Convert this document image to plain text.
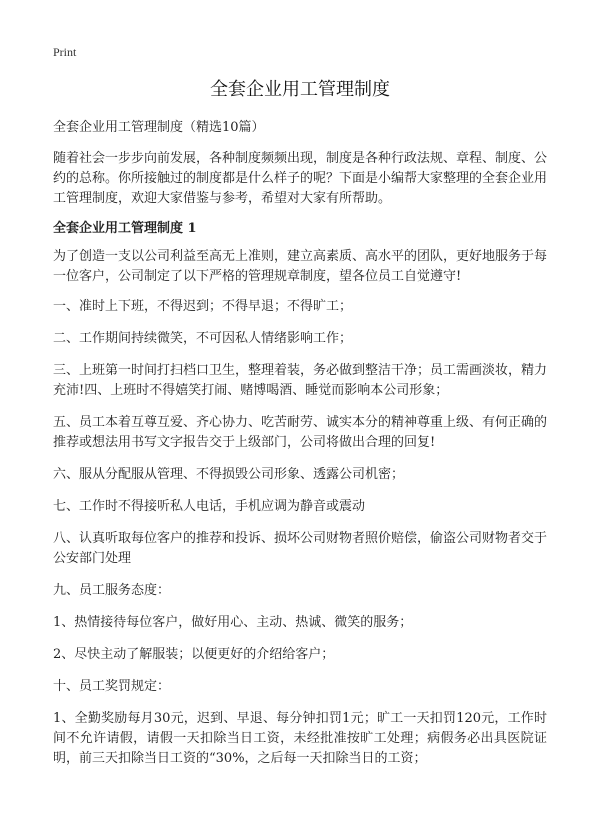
Print
全套企业用工管理制度
全套企业用工管理制度（精选10篇）

随着社会一步步向前发展，各种制度频频出现，制度是各种行政法规、章程、制度、公约的总称。你所接触过的制度都是什么样子的呢？下面是小编帮大家整理的全套企业用工管理制度，欢迎大家借鉴与参考，希望对大家有所帮助。

全套企业用工管理制度 1

为了创造一支以公司利益至高无上准则，建立高素质、高水平的团队，更好地服务于每一位客户，公司制定了以下严格的管理规章制度，望各位员工自觉遵守!

一、准时上下班，不得迟到；不得早退；不得旷工；

二、工作期间持续微笑，不可因私人情绪影响工作；

三、上班第一时间打扫档口卫生，整理着装，务必做到整洁干净；员工需画淡妆，精力充沛!四、上班时不得嬉笑打闹、赌博喝酒、睡觉而影响本公司形象；

五、员工本着互尊互爱、齐心协力、吃苦耐劳、诚实本分的精神尊重上级、有何正确的推荐或想法用书写文字报告交于上级部门，公司将做出合理的回复!

六、服从分配服从管理、不得损毁公司形象、透露公司机密；

七、工作时不得接听私人电话，手机应调为静音或震动

八、认真听取每位客户的推荐和投诉、损坏公司财物者照价赔偿，偷盗公司财物者交于公安部门处理

九、员工服务态度：

1、热情接待每位客户，做好用心、主动、热诚、微笑的服务；

2、尽快主动了解服装；以便更好的介绍给客户；

十、员工奖罚规定：

1、全勤奖励每月30元，迟到、早退、每分钟扣罚1元；旷工一天扣罚120元，工作时间不允许请假，请假一天扣除当日工资，未经批准按旷工处理；病假务必出具医院证明，前三天扣除当日工资的“30%，之后每一天扣除当日的工资；
